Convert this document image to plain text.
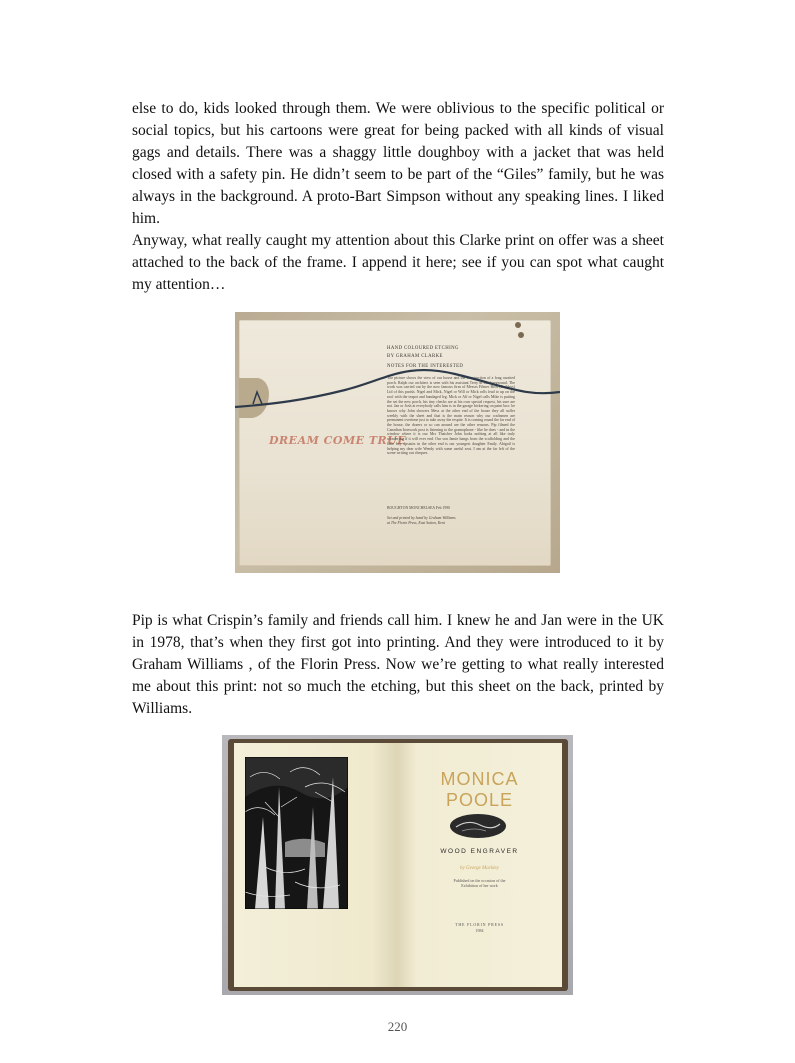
else to do, kids looked through them. We were oblivious to the specific political or social topics, but his cartoons were great for being packed with all kinds of visual gags and details. There was a shaggy little doughboy with a jacket that was held closed with a safety pin. He didn’t seem to be part of the “Giles” family, but he was always in the background. A proto-Bart Simpson without any speaking lines. I liked him.

Anyway, what really caught my attention about this Clarke print on offer was a sheet attached to the back of the frame. I append it here; see if you can spot what caught my attention…

HAND COLOURED ETCHING
BY GRAHAM CLARKE
NOTES FOR THE INTERESTED
DREAM COME TRUE
The picture shows the view of our house and the construction of a long awaited porch. Ralph our architect is seen with his assistant Terry in the foreground. The work was carried out by the now famous firm of Messrs Filmer Bros (Builders) Ltd of this parish. Nigel and Mick, Nigel or Will or Mick rolls lead to up on the roof with the teapot and bandaged leg. Mick or Alf or Nigel calls Mike is putting the set the new porch, his tiny checks are at his own special request, his sure are not. Jan or Josh at everybody calls him is in the garage bickering on paint box: he knows why John showers Mess at the other end of the house they all suffer weekly with the sheet and that is the main reason why our craftsmen are permanent overtime just to take away the respite. It is coming round the far end of the house, the dozers or so can around are the other reasons. Pip filmed the Canadian Ironwork post is listening to the gramophone - like he does - and in the window where it is our Mrs Thatcher John looks nothing at all like truly wondering if it will ever end. Our son Jamie hangs from the scaffolding and the little boy upstairs in the other end is our youngest daughter Emily. Abigail is helping my dear wife Wendy with some useful seat. I am at the far left of the scene writing out cheques.
BOUGHTON MONCHELSEA Feb 1990
Set and printed by hand by Graham Williams
at The Florin Press, East Sutton, Kent

Pip is what Crispin’s family and friends call him. I knew he and Jan were in the UK in 1978, that’s when they first got into printing. And they were introduced to it by Graham Williams , of the Florin Press. Now we’re getting to what really interested me about this print: not so much the etching, but this sheet on the back, printed by Williams.

MONICA
POOLE
WOOD ENGRAVER
by George Mackley
Published on the occasion of the
Exhibition of her work
THE FLORIN PRESS
1984
220
